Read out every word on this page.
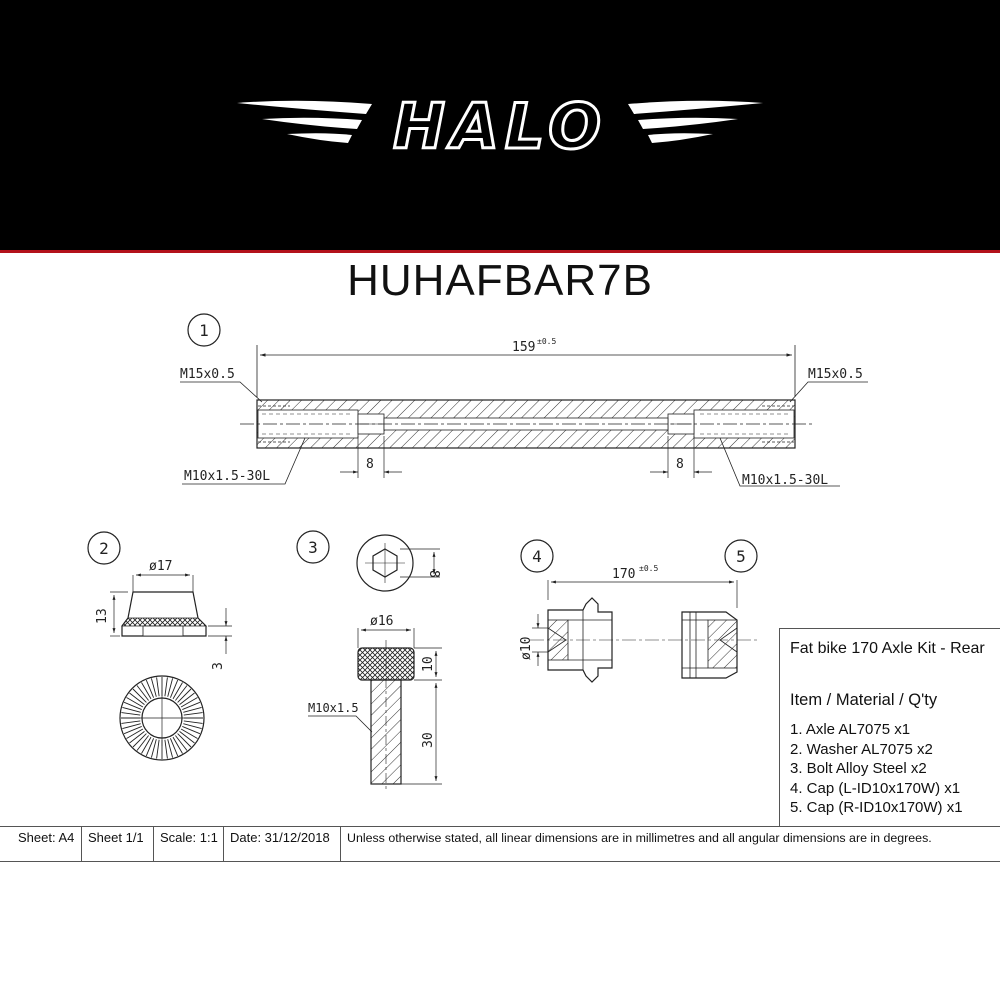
HALO
HUHAFBAR7B
1
159 ±0.5
M15x0.5	M15x0.5
M10x1.5-30L	M10x1.5-30L
8	8
2
ø17
13
3
3
8
ø16
10
M10x1.5
30
4	5
170 ±0.5
ø10	Fat bike 170 Axle Kit - Rear
Item / Material / Q'ty
1. Axle AL7075 x1
2. Washer AL7075 x2
3. Bolt Alloy Steel x2
4. Cap (L-ID10x170W) x1
5. Cap (R-ID10x170W) x1
Sheet: A4	Sheet 1/1	Scale: 1:1 Date: 31/12/2018	Unless otherwise stated, all linear dimensions are in millimetres and all angular dimensions are in degrees.
